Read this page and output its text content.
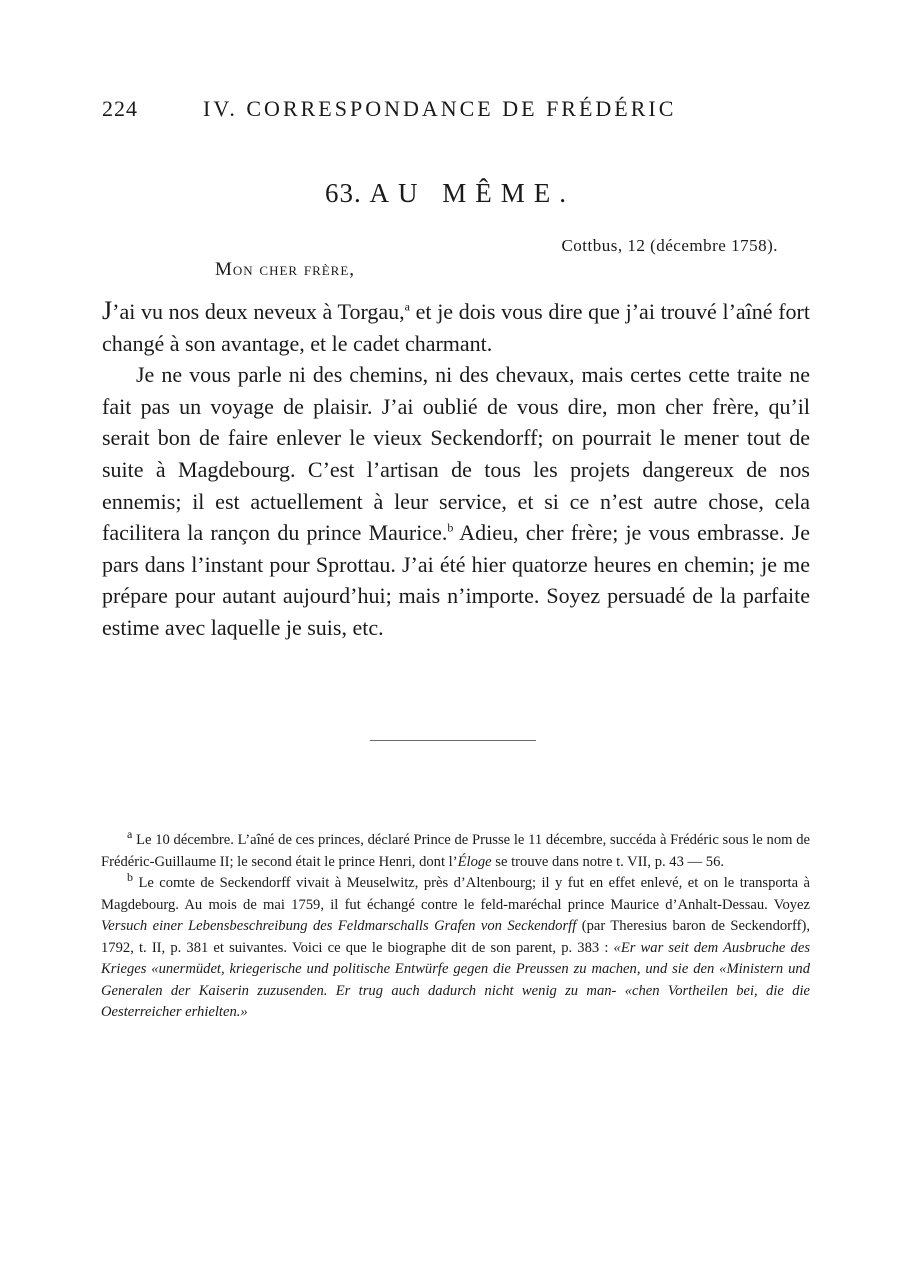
224	IV. CORRESPONDANCE DE FRÉDÉRIC
63. AU MÊME.
Cottbus, 12 (décembre 1758).
Mon cher frère,

J’ai vu nos deux neveux à Torgau,$^a$ et je dois vous dire que j’ai trouvé l’aîné fort changé à son avantage, et le cadet charmant.

Je ne vous parle ni des chemins, ni des chevaux, mais certes cette traite ne fait pas un voyage de plaisir. J’ai oublié de vous dire, mon cher frère, qu’il serait bon de faire enlever le vieux Seckendorff; on pourrait le mener tout de suite à Magdebourg. C’est l’artisan de tous les projets dangereux de nos ennemis; il est actuellement à leur service, et si ce n’est autre chose, cela facilitera la rançon du prince Maurice.$^b$ Adieu, cher frère; je vous embrasse. Je pars dans l’instant pour Sprottau. J’ai été hier quatorze heures en chemin; je me prépare pour autant aujourd’hui; mais n’importe. Soyez persuadé de la parfaite estime avec laquelle je suis, etc.

$^a$ Le 10 décembre. L’aîné de ces princes, déclaré Prince de Prusse le 11 décembre, succéda à Frédéric sous le nom de Frédéric-Guillaume II; le second était le prince Henri, dont l’Éloge se trouve dans notre t. VII, p. 43 — 56.

$^b$ Le comte de Seckendorff vivait à Meuselwitz, près d’Altenbourg; il y fut en effet enlevé, et on le transporta à Magdebourg. Au mois de mai 1759, il fut échangé contre le feld-maréchal prince Maurice d’Anhalt-Dessau. Voyez Versuch einer Lebensbeschreibung des Feldmarschalls Grafen von Seckendorff (par Theresius baron de Seckendorff), 1792, t. II, p. 381 et suivantes. Voici ce que le biographe dit de son parent, p. 383 : «Er war seit dem Ausbruche des Krieges «unermüdet, kriegerische und politische Entwürfe gegen die Preussen zu machen, und sie den «Ministern und Generalen der Kaiserin zuzusenden. Er trug auch dadurch nicht wenig zu man- «chen Vortheilen bei, die die Oesterreicher erhielten.»
